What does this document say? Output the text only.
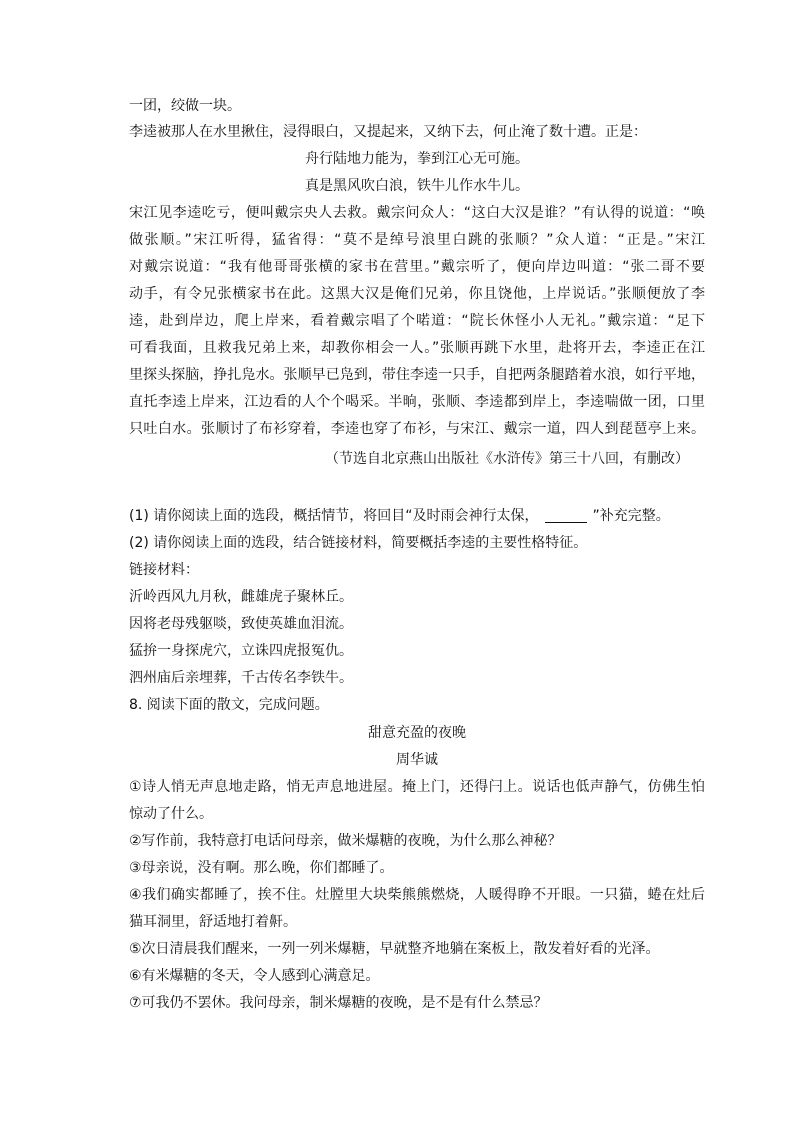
一团，绞做一块。
李逵被那人在水里揪住，浸得眼白，又提起来，又纳下去，何止淹了数十遭。正是：
舟行陆地力能为，拳到江心无可施。
真是黑风吹白浪，铁牛儿作水牛儿。
宋江见李逵吃亏，便叫戴宗央人去救。戴宗问众人：“这白大汉是谁？”有认得的说道：“唤
做张顺。”宋江听得，猛省得：“莫不是绰号浪里白跳的张顺？”众人道：“正是。”宋江
对戴宗说道：“我有他哥哥张横的家书在营里。”戴宗听了，便向岸边叫道：“张二哥不要
动手，有令兄张横家书在此。这黑大汉是俺们兄弟，你且饶他，上岸说话。”张顺便放了李
逵，赴到岸边，爬上岸来，看着戴宗唱了个喏道：“院长休怪小人无礼。”戴宗道：“足下
可看我面，且救我兄弟上来，却教你相会一人。”张顺再跳下水里，赴将开去，李逵正在江
里探头探脑，挣扎凫水。张顺早已凫到，带住李逵一只手，自把两条腿踏着水浪，如行平地，
直托李逵上岸来，江边看的人个个喝采。半晌，张顺、李逵都到岸上，李逵喘做一团，口里
只吐白水。张顺讨了布衫穿着，李逵也穿了布衫，与宋江、戴宗一道，四人到琵琶亭上来。
（节选自北京燕山出版社《水浒传》第三十八回，有删改）
(1) 请你阅读上面的选段，概括情节，将回目“及时雨会神行太保，	”补充完整。
(2) 请你阅读上面的选段，结合链接材料，简要概括李逵的主要性格特征。
链接材料：
沂岭西风九月秋，雌雄虎子聚林丘。
因将老母残躯啖，致使英雄血泪流。
猛拚一身探虎穴，立诛四虎报冤仇。
泗州庙后亲埋葬，千古传名李铁牛。
8. 阅读下面的散文，完成问题。
甜意充盈的夜晚
周华诚
①诗人悄无声息地走路，悄无声息地进屋。掩上门，还得闩上。说话也低声静气，仿佛生怕
惊动了什么。
②写作前，我特意打电话问母亲，做米爆糖的夜晚，为什么那么神秘？
③母亲说，没有啊。那么晚，你们都睡了。
④我们确实都睡了，挨不住。灶膛里大块柴熊熊燃烧，人暖得睁不开眼。一只猫，蜷在灶后
猫耳洞里，舒适地打着鼾。
⑤次日清晨我们醒来，一列一列米爆糖，早就整齐地躺在案板上，散发着好看的光泽。
⑥有米爆糖的冬天，令人感到心满意足。
⑦可我仍不罢休。我问母亲，制米爆糖的夜晚，是不是有什么禁忌？
